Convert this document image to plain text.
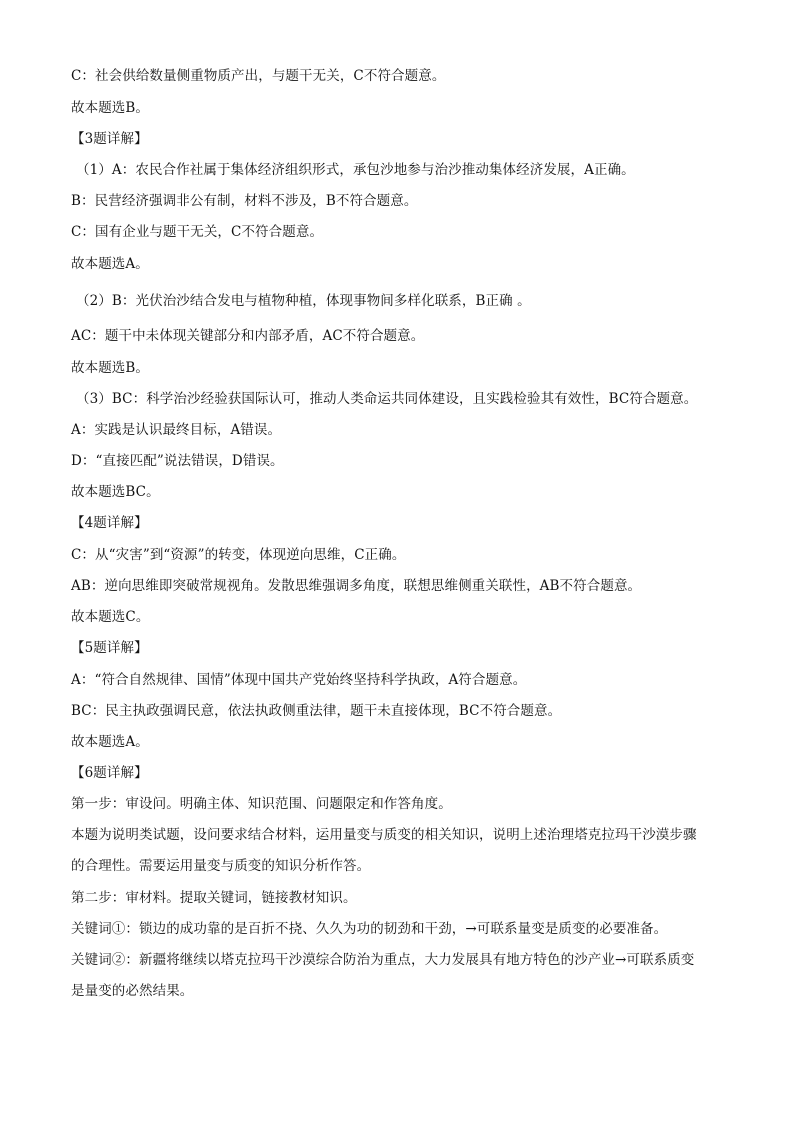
C：社会供给数量侧重物质产出，与题干无关，C不符合题意。
故本题选B。
【3题详解】
（1）A：农民合作社属于集体经济组织形式，承包沙地参与治沙推动集体经济发展，A正确。
B：民营经济强调非公有制，材料不涉及，B不符合题意。
C：国有企业与题干无关，C不符合题意。
故本题选A。
（2）B：光伏治沙结合发电与植物种植，体现事物间多样化联系，B正确 。
AC：题干中未体现关键部分和内部矛盾，AC不符合题意。
故本题选B。
（3）BC：科学治沙经验获国际认可，推动人类命运共同体建设，且实践检验其有效性，BC符合题意。
A：实践是认识最终目标，A错误。
D：“直接匹配”说法错误，D错误。
故本题选BC。
【4题详解】
C：从“灾害”到“资源”的转变，体现逆向思维，C正确。
AB：逆向思维即突破常规视角。发散思维强调多角度，联想思维侧重关联性，AB不符合题意。
故本题选C。
【5题详解】
A：“符合自然规律、国情”体现中国共产党始终坚持科学执政，A符合题意。
BC：民主执政强调民意，依法执政侧重法律，题干未直接体现，BC不符合题意。
故本题选A。
【6题详解】
第一步：审设问。明确主体、知识范围、问题限定和作答角度。
本题为说明类试题，设问要求结合材料，运用量变与质变的相关知识，说明上述治理塔克拉玛干沙漠步骤
的合理性。需要运用量变与质变的知识分析作答。
第二步：审材料。提取关键词，链接教材知识。
关键词①：锁边的成功靠的是百折不挠、久久为功的韧劲和干劲，→可联系量变是质变的必要准备。
关键词②：新疆将继续以塔克拉玛干沙漠综合防治为重点，大力发展具有地方特色的沙产业→可联系质变
是量变的必然结果。
